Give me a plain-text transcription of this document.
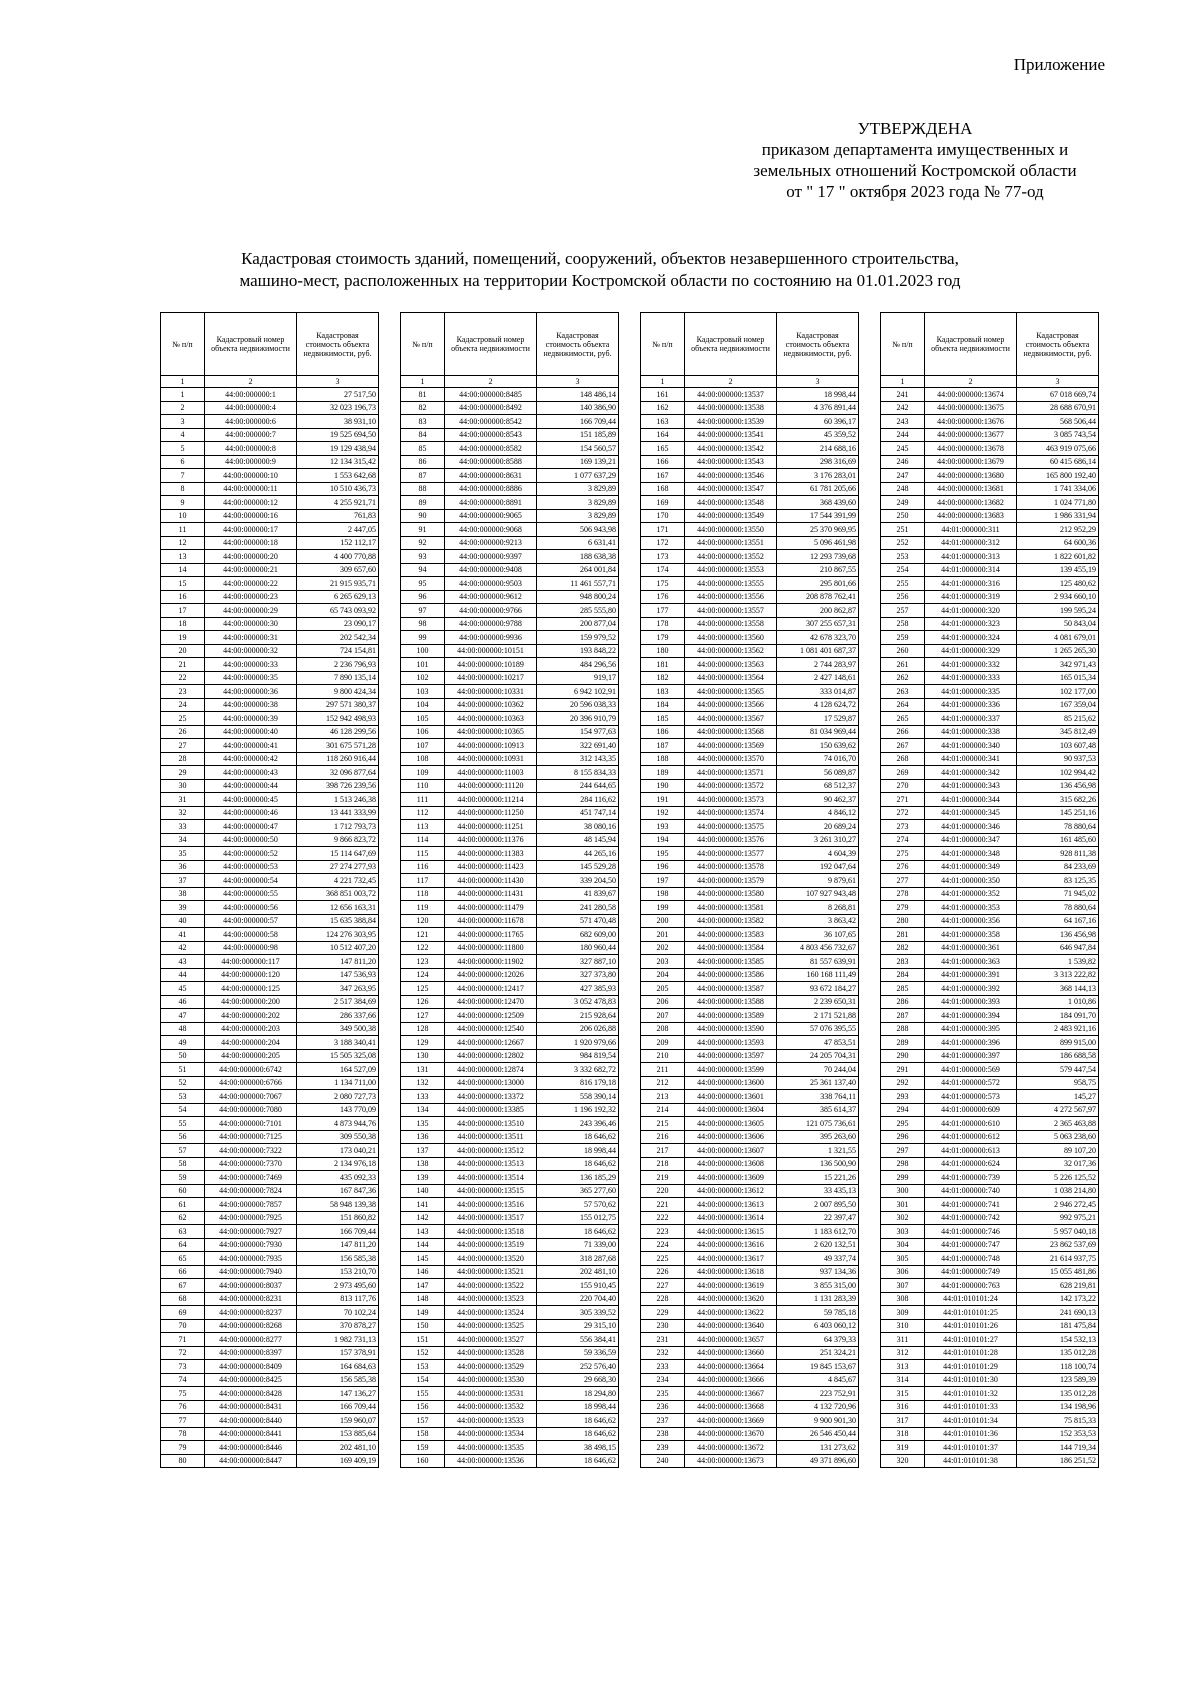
Приложение
УТВЕРЖДЕНА
приказом департамента имущественных и
земельных отношений Костромской области
от " 17 " октября 2023 года № 77-од
Кадастровая стоимость зданий, помещений, сооружений, объектов незавершенного строительства,
машино-мест, расположенных на территории Костромской области по состоянию на 01.01.2023 год
№ п/п	Кадастровый номер объекта недвижимости	Кадастровая стоимость объекта недвижимости, руб.
1	2	3
1	44:00:000000:1	27 517,50
2	44:00:000000:4	32 023 196,73
3	44:00:000000:6	38 931,10
4	44:00:000000:7	19 525 694,50
5	44:00:000000:8	19 129 438,94
6	44:00:000000:9	12 134 315,42
7	44:00:000000:10	1 553 642,68
8	44:00:000000:11	10 510 436,73
9	44:00:000000:12	4 255 921,71
10	44:00:000000:16	761,83
11	44:00:000000:17	2 447,05
12	44:00:000000:18	152 112,17
13	44:00:000000:20	4 400 770,88
14	44:00:000000:21	309 657,60
15	44:00:000000:22	21 915 935,71
16	44:00:000000:23	6 265 629,13
17	44:00:000000:29	65 743 093,92
18	44:00:000000:30	23 090,17
19	44:00:000000:31	202 542,34
20	44:00:000000:32	724 154,81
21	44:00:000000:33	2 236 796,93
22	44:00:000000:35	7 890 135,14
23	44:00:000000:36	9 800 424,34
24	44:00:000000:38	297 571 380,37
25	44:00:000000:39	152 942 498,93
26	44:00:000000:40	46 128 299,56
27	44:00:000000:41	301 675 571,28
28	44:00:000000:42	118 260 916,44
29	44:00:000000:43	32 096 877,64
30	44:00:000000:44	398 726 239,56
31	44:00:000000:45	1 513 246,38
32	44:00:000000:46	13 441 333,99
33	44:00:000000:47	1 712 793,73
34	44:00:000000:50	9 866 823,72
35	44:00:000000:52	15 114 647,69
36	44:00:000000:53	27 274 277,93
37	44:00:000000:54	4 221 732,45
38	44:00:000000:55	368 851 003,72
39	44:00:000000:56	12 656 163,31
40	44:00:000000:57	15 635 388,84
41	44:00:000000:58	124 276 303,95
42	44:00:000000:98	10 512 407,20
43	44:00:000000:117	147 811,20
44	44:00:000000:120	147 536,93
45	44:00:000000:125	347 263,95
46	44:00:000000:200	2 517 384,69
47	44:00:000000:202	286 337,66
48	44:00:000000:203	349 500,38
49	44:00:000000:204	3 188 340,41
50	44:00:000000:205	15 505 325,08
51	44:00:000000:6742	164 527,09
52	44:00:000000:6766	1 134 711,00
53	44:00:000000:7067	2 080 727,73
54	44:00:000000:7080	143 770,09
55	44:00:000000:7101	4 873 944,76
56	44:00:000000:7125	309 550,38
57	44:00:000000:7322	173 040,21
58	44:00:000000:7370	2 134 976,18
59	44:00:000000:7469	435 092,33
60	44:00:000000:7824	167 847,36
61	44:00:000000:7857	58 948 139,38
62	44:00:000000:7925	151 860,82
63	44:00:000000:7927	166 709,44
64	44:00:000000:7930	147 811,20
65	44:00:000000:7935	156 585,38
66	44:00:000000:7940	153 210,70
67	44:00:000000:8037	2 973 495,60
68	44:00:000000:8231	813 117,76
69	44:00:000000:8237	70 102,24
70	44:00:000000:8268	370 878,27
71	44:00:000000:8277	1 982 731,13
72	44:00:000000:8397	157 378,91
73	44:00:000000:8409	164 684,63
74	44:00:000000:8425	156 585,38
75	44:00:000000:8428	147 136,27
76	44:00:000000:8431	166 709,44
77	44:00:000000:8440	159 960,07
78	44:00:000000:8441	153 885,64
79	44:00:000000:8446	202 481,10
80	44:00:000000:8447	169 409,19
№ п/п	Кадастровый номер объекта недвижимости	Кадастровая стоимость объекта недвижимости, руб.
1	2	3
81	44:00:000000:8485	148 486,14
82	44:00:000000:8492	140 386,90
83	44:00:000000:8542	166 709,44
84	44:00:000000:8543	151 185,89
85	44:00:000000:8582	154 560,57
86	44:00:000000:8588	169 139,21
87	44:00:000000:8631	1 077 637,29
88	44:00:000000:8886	3 829,89
89	44:00:000000:8891	3 829,89
90	44:00:000000:9065	3 829,89
91	44:00:000000:9068	506 943,98
92	44:00:000000:9213	6 631,41
93	44:00:000000:9397	188 638,38
94	44:00:000000:9408	264 001,84
95	44:00:000000:9503	11 461 557,71
96	44:00:000000:9612	948 800,24
97	44:00:000000:9766	285 555,80
98	44:00:000000:9788	200 877,04
99	44:00:000000:9936	159 979,52
100	44:00:000000:10151	193 848,22
101	44:00:000000:10189	484 296,56
102	44:00:000000:10217	919,17
103	44:00:000000:10331	6 942 102,91
104	44:00:000000:10362	20 596 038,33
105	44:00:000000:10363	20 396 910,79
106	44:00:000000:10365	154 977,63
107	44:00:000000:10913	322 691,40
108	44:00:000000:10931	312 143,35
109	44:00:000000:11003	8 155 834,33
110	44:00:000000:11120	244 644,65
111	44:00:000000:11214	284 116,62
112	44:00:000000:11250	451 747,14
113	44:00:000000:11251	38 080,16
114	44:00:000000:11376	48 145,94
115	44:00:000000:11383	44 265,16
116	44:00:000000:11423	145 529,28
117	44:00:000000:11430	339 204,50
118	44:00:000000:11431	41 839,67
119	44:00:000000:11479	241 280,58
120	44:00:000000:11678	571 470,48
121	44:00:000000:11765	682 609,00
122	44:00:000000:11800	180 960,44
123	44:00:000000:11902	327 887,10
124	44:00:000000:12026	327 373,80
125	44:00:000000:12417	427 385,93
126	44:00:000000:12470	3 052 478,83
127	44:00:000000:12509	215 928,64
128	44:00:000000:12540	206 026,88
129	44:00:000000:12667	1 920 979,66
130	44:00:000000:12802	984 819,54
131	44:00:000000:12874	3 332 682,72
132	44:00:000000:13000	816 179,18
133	44:00:000000:13372	558 390,14
134	44:00:000000:13385	1 196 192,32
135	44:00:000000:13510	243 396,46
136	44:00:000000:13511	18 646,62
137	44:00:000000:13512	18 998,44
138	44:00:000000:13513	18 646,62
139	44:00:000000:13514	136 185,29
140	44:00:000000:13515	365 277,60
141	44:00:000000:13516	57 570,62
142	44:00:000000:13517	155 012,75
143	44:00:000000:13518	18 646,62
144	44:00:000000:13519	71 339,00
145	44:00:000000:13520	318 287,68
146	44:00:000000:13521	202 481,10
147	44:00:000000:13522	155 910,45
148	44:00:000000:13523	220 704,40
149	44:00:000000:13524	305 339,52
150	44:00:000000:13525	29 315,10
151	44:00:000000:13527	556 384,41
152	44:00:000000:13528	59 336,59
153	44:00:000000:13529	252 576,40
154	44:00:000000:13530	29 668,30
155	44:00:000000:13531	18 294,80
156	44:00:000000:13532	18 998,44
157	44:00:000000:13533	18 646,62
158	44:00:000000:13534	18 646,62
159	44:00:000000:13535	38 498,15
160	44:00:000000:13536	18 646,62
№ п/п	Кадастровый номер объекта недвижимости	Кадастровая стоимость объекта недвижимости, руб.
1	2	3
161	44:00:000000:13537	18 998,44
162	44:00:000000:13538	4 376 891,44
163	44:00:000000:13539	60 396,17
164	44:00:000000:13541	45 359,52
165	44:00:000000:13542	214 688,16
166	44:00:000000:13543	298 316,69
167	44:00:000000:13546	3 176 283,01
168	44:00:000000:13547	61 781 205,66
169	44:00:000000:13548	368 439,60
170	44:00:000000:13549	17 544 391,99
171	44:00:000000:13550	25 370 969,95
172	44:00:000000:13551	5 096 461,98
173	44:00:000000:13552	12 293 739,68
174	44:00:000000:13553	210 867,55
175	44:00:000000:13555	295 801,66
176	44:00:000000:13556	208 878 762,41
177	44:00:000000:13557	200 862,87
178	44:00:000000:13558	307 255 657,31
179	44:00:000000:13560	42 678 323,70
180	44:00:000000:13562	1 081 401 687,37
181	44:00:000000:13563	2 744 283,97
182	44:00:000000:13564	2 427 148,61
183	44:00:000000:13565	333 014,87
184	44:00:000000:13566	4 128 624,72
185	44:00:000000:13567	17 529,87
186	44:00:000000:13568	81 034 969,44
187	44:00:000000:13569	150 639,62
188	44:00:000000:13570	74 016,70
189	44:00:000000:13571	56 089,87
190	44:00:000000:13572	68 512,37
191	44:00:000000:13573	90 462,37
192	44:00:000000:13574	4 846,12
193	44:00:000000:13575	20 689,24
194	44:00:000000:13576	3 261 310,27
195	44:00:000000:13577	4 604,39
196	44:00:000000:13578	192 047,64
197	44:00:000000:13579	9 879,61
198	44:00:000000:13580	107 927 943,48
199	44:00:000000:13581	8 268,81
200	44:00:000000:13582	3 863,42
201	44:00:000000:13583	36 107,65
202	44:00:000000:13584	4 803 456 732,67
203	44:00:000000:13585	81 557 639,91
204	44:00:000000:13586	160 168 111,49
205	44:00:000000:13587	93 672 184,27
206	44:00:000000:13588	2 239 650,31
207	44:00:000000:13589	2 171 521,88
208	44:00:000000:13590	57 076 395,55
209	44:00:000000:13593	47 853,51
210	44:00:000000:13597	24 205 704,31
211	44:00:000000:13599	70 244,04
212	44:00:000000:13600	25 361 137,40
213	44:00:000000:13601	338 764,11
214	44:00:000000:13604	385 614,37
215	44:00:000000:13605	121 075 736,61
216	44:00:000000:13606	395 263,60
217	44:00:000000:13607	1 321,55
218	44:00:000000:13608	136 500,90
219	44:00:000000:13609	15 221,26
220	44:00:000000:13612	33 435,13
221	44:00:000000:13613	2 007 895,50
222	44:00:000000:13614	22 397,47
223	44:00:000000:13615	1 183 612,70
224	44:00:000000:13616	2 620 132,51
225	44:00:000000:13617	49 337,74
226	44:00:000000:13618	937 134,36
227	44:00:000000:13619	3 855 315,00
228	44:00:000000:13620	1 131 283,39
229	44:00:000000:13622	59 785,18
230	44:00:000000:13640	6 403 060,12
231	44:00:000000:13657	64 379,33
232	44:00:000000:13660	251 324,21
233	44:00:000000:13664	19 845 153,67
234	44:00:000000:13666	4 845,67
235	44:00:000000:13667	223 752,91
236	44:00:000000:13668	4 132 720,96
237	44:00:000000:13669	9 900 901,30
238	44:00:000000:13670	26 546 450,44
239	44:00:000000:13672	131 273,62
240	44:00:000000:13673	49 371 896,60
№ п/п	Кадастровый номер объекта недвижимости	Кадастровая стоимость объекта недвижимости, руб.
1	2	3
241	44:00:000000:13674	67 018 669,74
242	44:00:000000:13675	28 688 670,91
243	44:00:000000:13676	568 506,44
244	44:00:000000:13677	3 085 743,54
245	44:00:000000:13678	463 919 075,66
246	44:00:000000:13679	60 415 686,14
247	44:00:000000:13680	165 800 192,40
248	44:00:000000:13681	1 741 334,06
249	44:00:000000:13682	1 024 771,80
250	44:00:000000:13683	1 986 331,94
251	44:01:000000:311	212 952,29
252	44:01:000000:312	64 600,36
253	44:01:000000:313	1 822 601,82
254	44:01:000000:314	139 455,19
255	44:01:000000:316	125 480,62
256	44:01:000000:319	2 934 660,10
257	44:01:000000:320	199 595,24
258	44:01:000000:323	50 843,04
259	44:01:000000:324	4 081 679,01
260	44:01:000000:329	1 265 265,30
261	44:01:000000:332	342 971,43
262	44:01:000000:333	165 015,34
263	44:01:000000:335	102 177,00
264	44:01:000000:336	167 359,04
265	44:01:000000:337	85 215,62
266	44:01:000000:338	345 812,49
267	44:01:000000:340	103 607,48
268	44:01:000000:341	90 937,53
269	44:01:000000:342	102 994,42
270	44:01:000000:343	136 456,98
271	44:01:000000:344	315 682,26
272	44:01:000000:345	145 251,16
273	44:01:000000:346	78 880,64
274	44:01:000000:347	161 485,60
275	44:01:000000:348	928 811,38
276	44:01:000000:349	84 233,69
277	44:01:000000:350	83 125,35
278	44:01:000000:352	71 945,02
279	44:01:000000:353	78 880,64
280	44:01:000000:356	64 167,16
281	44:01:000000:358	136 456,98
282	44:01:000000:361	646 947,84
283	44:01:000000:363	1 539,82
284	44:01:000000:391	3 313 222,82
285	44:01:000000:392	368 144,13
286	44:01:000000:393	1 010,86
287	44:01:000000:394	184 091,70
288	44:01:000000:395	2 483 921,16
289	44:01:000000:396	899 915,00
290	44:01:000000:397	186 688,58
291	44:01:000000:569	579 447,54
292	44:01:000000:572	958,75
293	44:01:000000:573	145,27
294	44:01:000000:609	4 272 567,97
295	44:01:000000:610	2 365 463,88
296	44:01:000000:612	5 063 238,60
297	44:01:000000:613	89 107,20
298	44:01:000000:624	32 017,36
299	44:01:000000:739	5 226 125,52
300	44:01:000000:740	1 038 214,80
301	44:01:000000:741	2 946 272,45
302	44:01:000000:742	992 975,21
303	44:01:000000:746	5 957 040,18
304	44:01:000000:747	23 862 537,69
305	44:01:000000:748	21 614 937,75
306	44:01:000000:749	15 055 481,86
307	44:01:000000:763	628 219,81
308	44:01:010101:24	142 173,22
309	44:01:010101:25	241 690,13
310	44:01:010101:26	181 475,84
311	44:01:010101:27	154 532,13
312	44:01:010101:28	135 012,28
313	44:01:010101:29	118 100,74
314	44:01:010101:30	123 589,39
315	44:01:010101:32	135 012,28
316	44:01:010101:33	134 198,96
317	44:01:010101:34	75 815,33
318	44:01:010101:36	152 353,53
319	44:01:010101:37	144 719,34
320	44:01:010101:38	186 251,52
